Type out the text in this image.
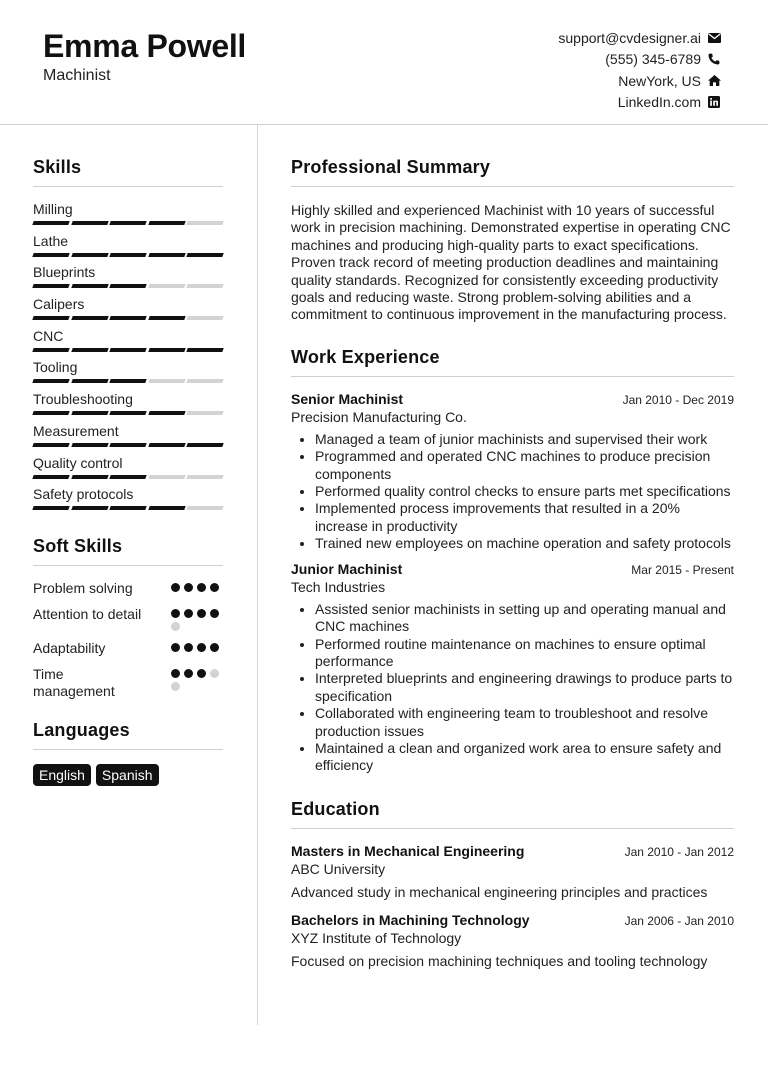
Emma Powell
Machinist
support@cvdesigner.ai
(555) 345-6789
NewYork, US
LinkedIn.com
Skills
Milling
Lathe
Blueprints
Calipers
CNC
Tooling
Troubleshooting
Measurement
Quality control
Safety protocols
Soft Skills
Problem solving
Attention to detail
Adaptability
Time management
Languages
English	Spanish
Professional Summary
Highly skilled and experienced Machinist with 10 years of successful work in precision machining. Demonstrated expertise in operating CNC machines and producing high-quality parts to exact specifications. Proven track record of meeting production deadlines and maintaining quality standards. Recognized for consistently exceeding productivity goals and reducing waste. Strong problem-solving abilities and a commitment to continuous improvement in the manufacturing process.
Work Experience
Senior Machinist	Jan 2010 - Dec 2019
Precision Manufacturing Co.
• Managed a team of junior machinists and supervised their work
• Programmed and operated CNC machines to produce precision components
• Performed quality control checks to ensure parts met specifications
• Implemented process improvements that resulted in a 20% increase in productivity
• Trained new employees on machine operation and safety protocols
Junior Machinist	Mar 2015 - Present
Tech Industries
• Assisted senior machinists in setting up and operating manual and CNC machines
• Performed routine maintenance on machines to ensure optimal performance
• Interpreted blueprints and engineering drawings to produce parts to specification
• Collaborated with engineering team to troubleshoot and resolve production issues
• Maintained a clean and organized work area to ensure safety and efficiency
Education
Masters in Mechanical Engineering	Jan 2010 - Jan 2012
ABC University
Advanced study in mechanical engineering principles and practices
Bachelors in Machining Technology	Jan 2006 - Jan 2010
XYZ Institute of Technology
Focused on precision machining techniques and tooling technology
